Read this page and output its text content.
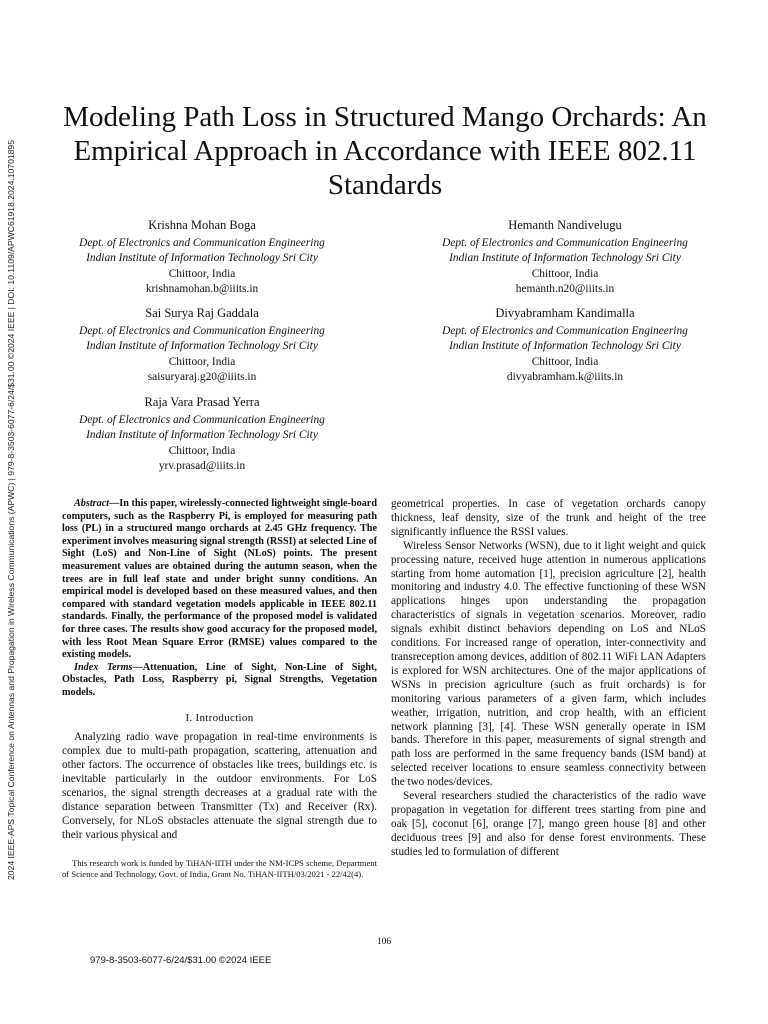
2024 IEEE-APS Topical Conference on Antennas and Propagation in Wireless Communications (APWC) | 979-8-3503-6077-6/24/$31.00 ©2024 IEEE | DOI: 10.1109/APWC61918.2024.10701895
Modeling Path Loss in Structured Mango Orchards: An Empirical Approach in Accordance with IEEE 802.11 Standards
Krishna Mohan Boga
Dept. of Electronics and Communication Engineering
Indian Institute of Information Technology Sri City
Chittoor, India
krishnamohan.b@iiits.in
Hemanth Nandivelugu
Dept. of Electronics and Communication Engineering
Indian Institute of Information Technology Sri City
Chittoor, India
hemanth.n20@iiits.in
Sai Surya Raj Gaddala
Dept. of Electronics and Communication Engineering
Indian Institute of Information Technology Sri City
Chittoor, India
saisuryaraj.g20@iiits.in
Divyabramham Kandimalla
Dept. of Electronics and Communication Engineering
Indian Institute of Information Technology Sri City
Chittoor, India
divyabramham.k@iiits.in
Raja Vara Prasad Yerra
Dept. of Electronics and Communication Engineering
Indian Institute of Information Technology Sri City
Chittoor, India
yrv.prasad@iiits.in

Abstract—In this paper, wirelessly-connected lightweight single-board computers, such as the Raspberry Pi, is employed for measuring path loss (PL) in a structured mango orchards at 2.45 GHz frequency. The experiment involves measuring signal strength (RSSI) at selected Line of Sight (LoS) and Non-Line of Sight (NLoS) points. The present measurement values are obtained during the autumn season, when the trees are in full leaf state and under bright sunny conditions. An empirical model is developed based on these measured values, and then compared with standard vegetation models applicable in IEEE 802.11 standards. Finally, the performance of the proposed model is validated for three cases. The results show good accuracy for the proposed model, with less Root Mean Square Error (RMSE) values compared to the existing models.

Index Terms—Attenuation, Line of Sight, Non-Line of Sight, Obstacles, Path Loss, Raspberry pi, Signal Strengths, Vegetation models.

I. Introduction

Analyzing radio wave propagation in real-time environments is complex due to multi-path propagation, scattering, attenuation and other factors. The occurrence of obstacles like trees, buildings etc. is inevitable particularly in the outdoor environments. For LoS scenarios, the signal strength decreases at a gradual rate with the distance separation between Transmitter (Tx) and Receiver (Rx). Conversely, for NLoS obstacles attenuate the signal strength due to their various physical and

This research work is funded by TiHAN-IITH under the NM-ICPS scheme, Department of Science and Technology, Govt. of India, Grant No. TiHAN-IITH/03/2021 - 22/42(4).

geometrical properties. In case of vegetation orchards canopy thickness, leaf density, size of the trunk and height of the tree significantly influence the RSSI values.

Wireless Sensor Networks (WSN), due to it light weight and quick processing nature, received huge attention in numerous applications starting from home automation [1], precision agriculture [2], health monitoring and industry 4.0. The effective functioning of these WSN applications hinges upon understanding the propagation characteristics of signals in vegetation scenarios. Moreover, radio signals exhibit distinct behaviors depending on LoS and NLoS conditions. For increased range of operation, inter-connectivity and transreception among devices, addition of 802.11 WiFi LAN Adapters is explored for WSN architectures. One of the major applications of WSNs in precision agriculture (such as fruit orchards) is for monitoring various parameters of a given farm, which includes weather, irrigation, nutrition, and crop health, with an efficient network planning [3], [4]. These WSN generally operate in ISM bands. Therefore in this paper, measurements of signal strength and path loss are performed in the same frequency bands (ISM band) at selected receiver locations to ensure seamless connectivity between the two nodes/devices.

Several researchers studied the characteristics of the radio wave propagation in vegetation for different trees starting from pine and oak [5], coconut [6], orange [7], mango green house [8] and other deciduous trees [9] and also for dense forest environments. These studies led to formulation of different

106
979-8-3503-6077-6/24/$31.00 ©2024 IEEE
